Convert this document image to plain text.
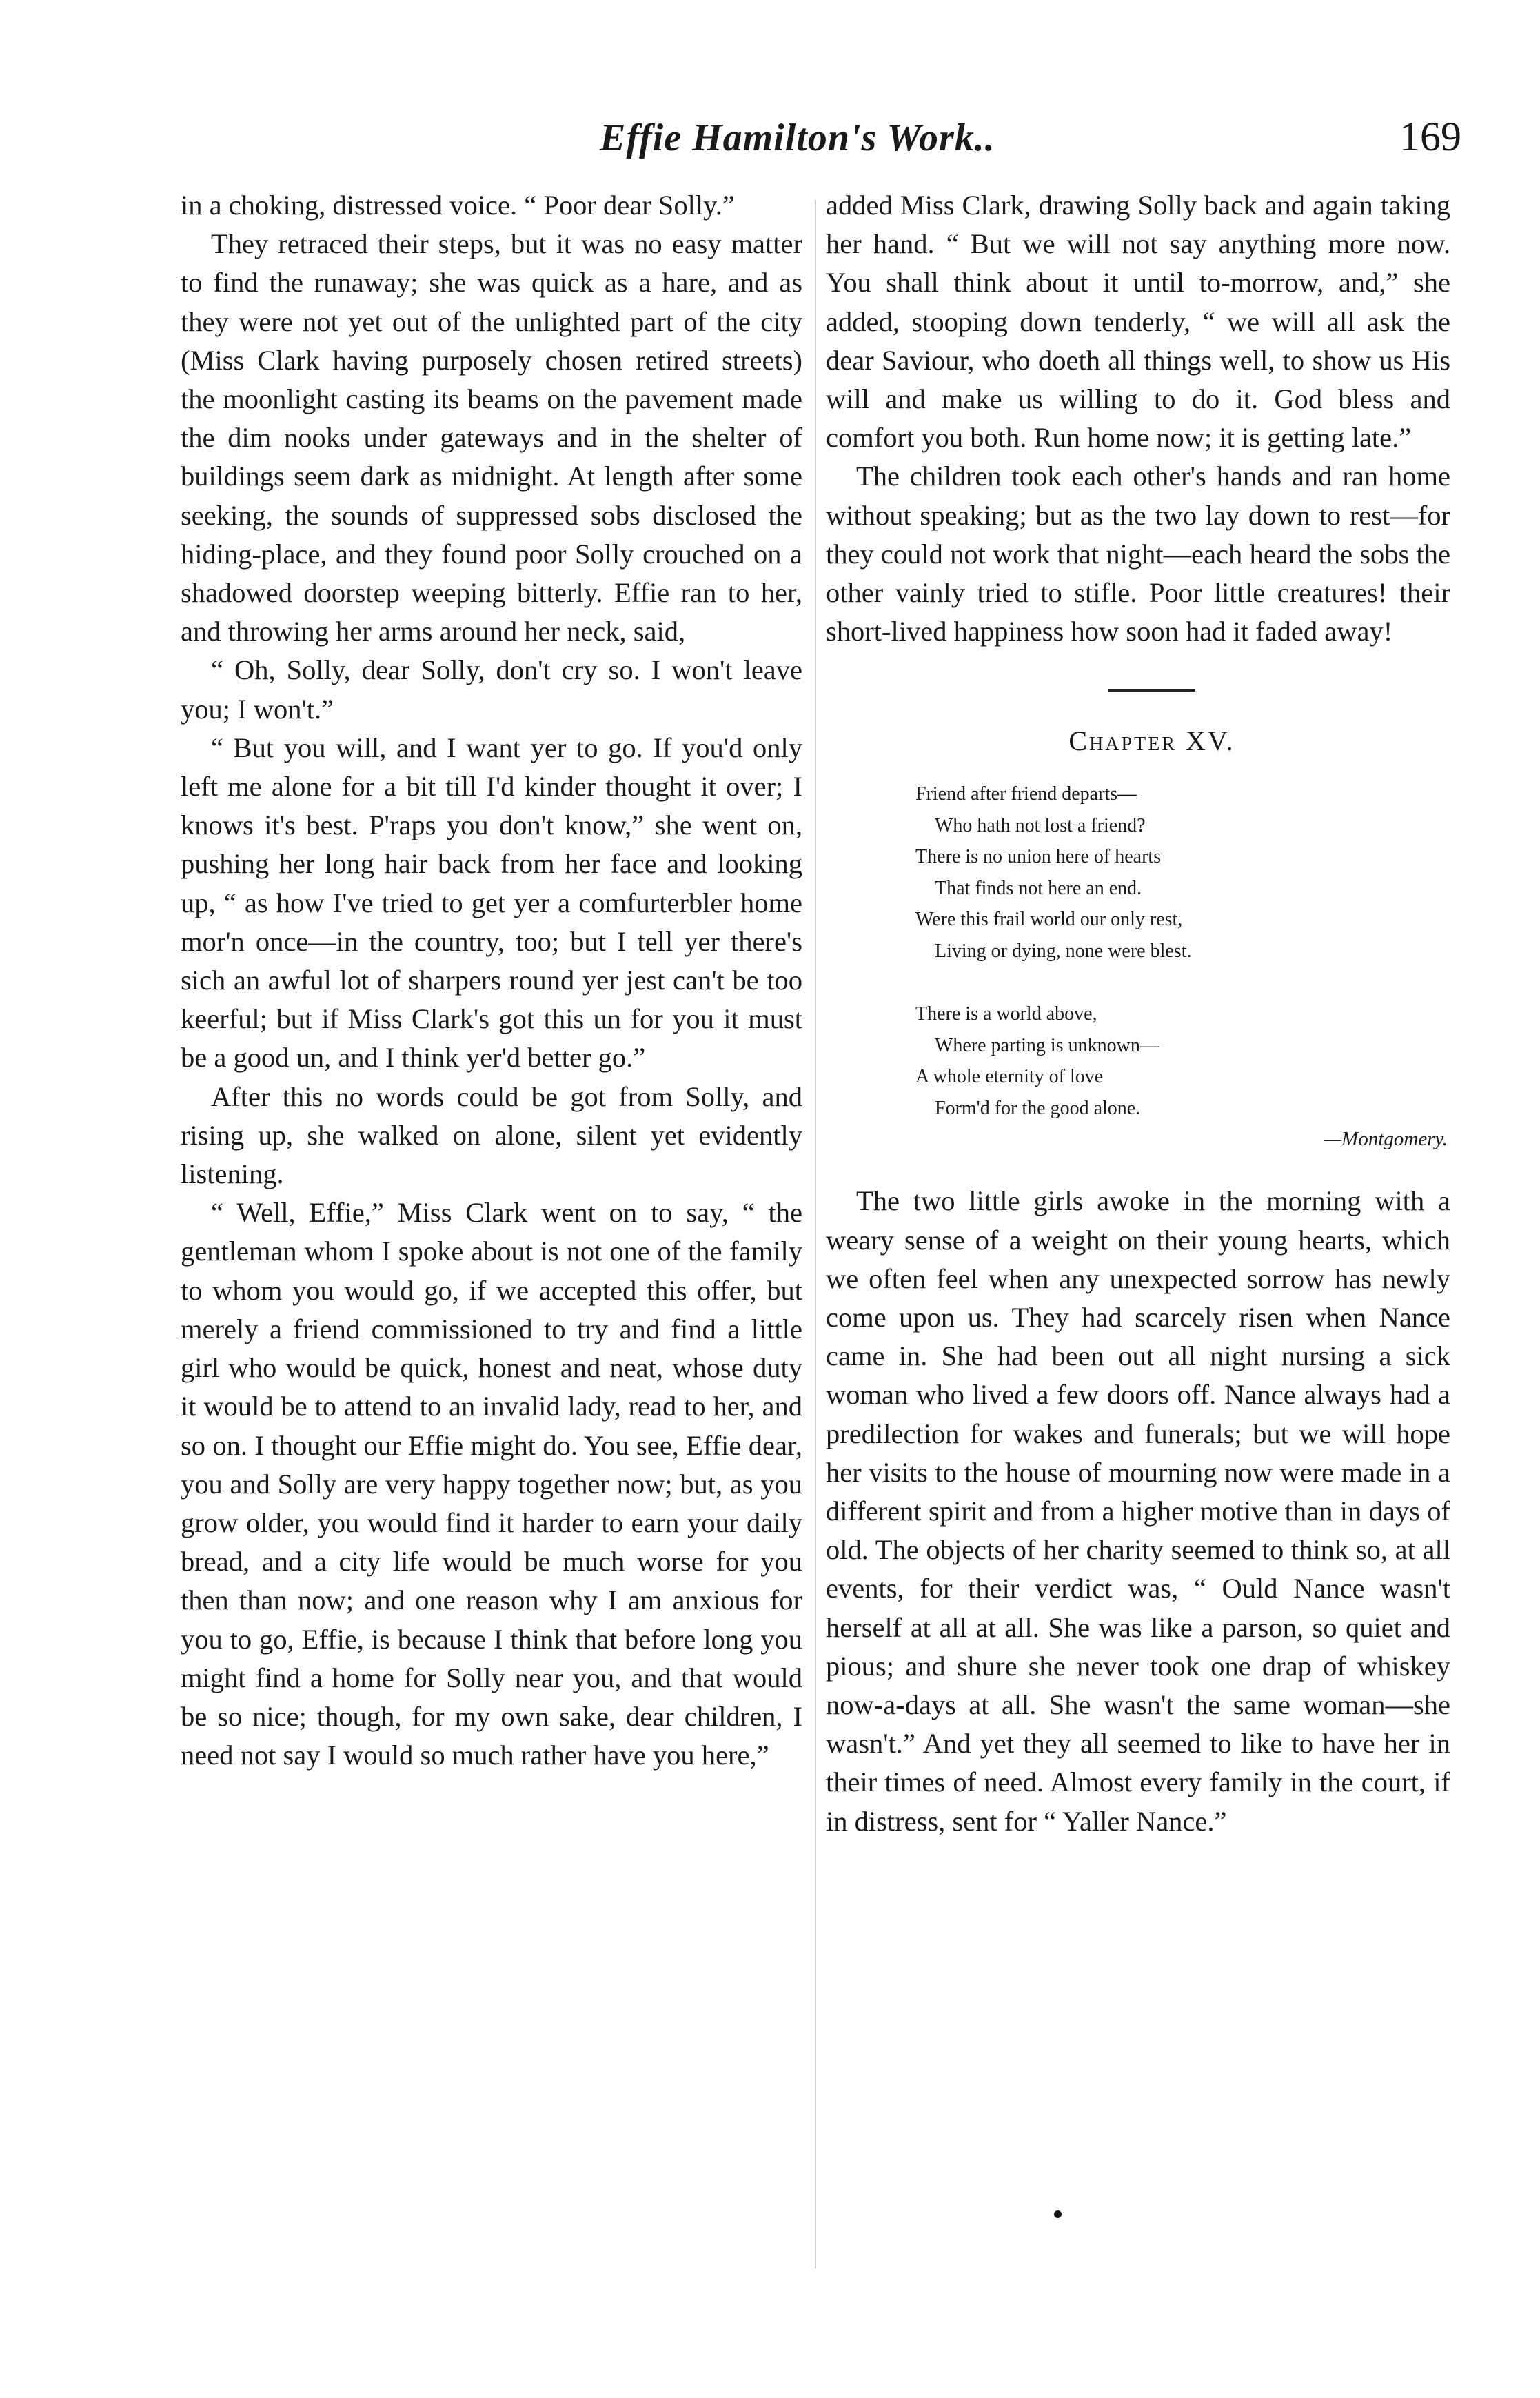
Effie Hamilton's Work..	169

in a choking, distressed voice. “ Poor dear Solly.”

They retraced their steps, but it was no easy matter to find the runaway; she was quick as a hare, and as they were not yet out of the unlighted part of the city (Miss Clark having purposely chosen retired streets) the moonlight casting its beams on the pavement made the dim nooks under gateways and in the shelter of buildings seem dark as midnight. At length after some seeking, the sounds of suppressed sobs disclosed the hiding-place, and they found poor Solly crouched on a shadowed doorstep weeping bitterly. Effie ran to her, and throwing her arms around her neck, said,

“ Oh, Solly, dear Solly, don't cry so. I won't leave you; I won't.”

“ But you will, and I want yer to go. If you'd only left me alone for a bit till I'd kinder thought it over; I knows it's best. P'raps you don't know,” she went on, pushing her long hair back from her face and looking up, “ as how I've tried to get yer a comfurterbler home mor'n once—in the country, too; but I tell yer there's sich an awful lot of sharpers round yer jest can't be too keerful; but if Miss Clark's got this un for you it must be a good un, and I think yer'd better go.”

After this no words could be got from Solly, and rising up, she walked on alone, silent yet evidently listening.

“ Well, Effie,” Miss Clark went on to say, “ the gentleman whom I spoke about is not one of the family to whom you would go, if we accepted this offer, but merely a friend commissioned to try and find a little girl who would be quick, honest and neat, whose duty it would be to attend to an invalid lady, read to her, and so on. I thought our Effie might do. You see, Effie dear, you and Solly are very happy together now; but, as you grow older, you would find it harder to earn your daily bread, and a city life would be much worse for you then than now; and one reason why I am anxious for you to go, Effie, is because I think that before long you might find a home for Solly near you, and that would be so nice; though, for my own sake, dear children, I need not say I would so much rather have you here,”

added Miss Clark, drawing Solly back and again taking her hand. “ But we will not say anything more now. You shall think about it until to-morrow, and,” she added, stooping down tenderly, “ we will all ask the dear Saviour, who doeth all things well, to show us His will and make us willing to do it. God bless and comfort you both. Run home now; it is getting late.”

The children took each other's hands and ran home without speaking; but as the two lay down to rest—for they could not work that night—each heard the sobs the other vainly tried to stifle. Poor little creatures! their short-lived happiness how soon had it faded away!

Chapter XV.
Friend after friend departs—
Who hath not lost a friend?
There is no union here of hearts
That finds not here an end.
Were this frail world our only rest,
Living or dying, none were blest.
There is a world above,
Where parting is unknown—
A whole eternity of love
Form'd for the good alone.
—Montgomery.

The two little girls awoke in the morning with a weary sense of a weight on their young hearts, which we often feel when any unexpected sorrow has newly come upon us. They had scarcely risen when Nance came in. She had been out all night nursing a sick woman who lived a few doors off. Nance always had a predilection for wakes and funerals; but we will hope her visits to the house of mourning now were made in a different spirit and from a higher motive than in days of old. The objects of her charity seemed to think so, at all events, for their verdict was, “ Ould Nance wasn't herself at all at all. She was like a parson, so quiet and pious; and shure she never took one drap of whiskey now-a-days at all. She wasn't the same woman—she wasn't.” And yet they all seemed to like to have her in their times of need. Almost every family in the court, if in distress, sent for “ Yaller Nance.”
